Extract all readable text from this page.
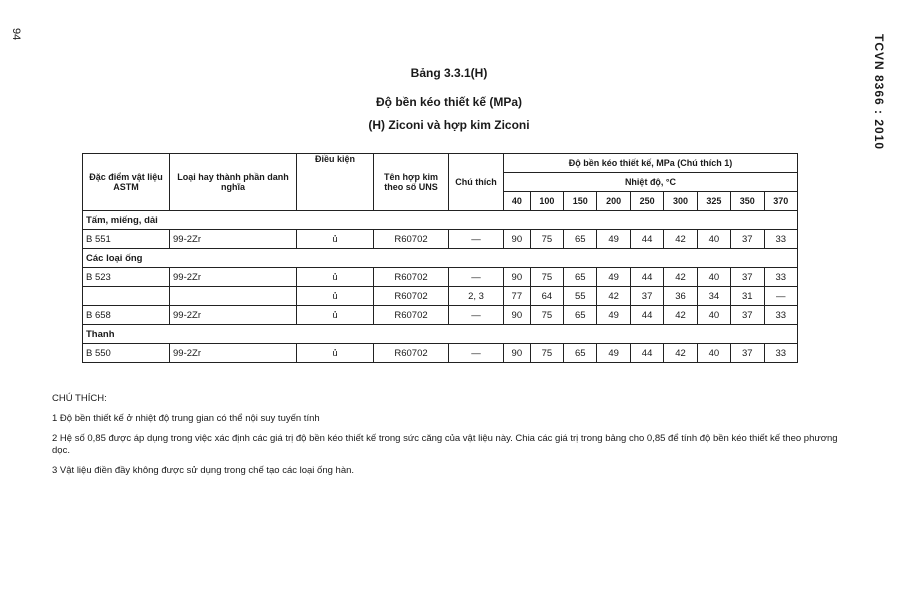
94	TCVN 8366 : 2010
Bảng 3.3.1(H)
Độ bền kéo thiết kế (MPa)
(H) Ziconi và hợp kim Ziconi
Đặc điểm vật liệu ASTM	Loại hay thành phần danh nghĩa	Điều kiện	Tên hợp kim theo số UNS	Chú thích	Độ bền kéo thiết kế, MPa (Chú thích 1)								
					Nhiệt độ, °C								
					40	100	150	200	250	300	325	350	370
Tấm, miếng, dải													
B 551	99-2Zr	ủ	R60702	—	90	75	65	49	44	42	40	37	33
Các loại ống													
B 523	99-2Zr	ủ	R60702	—	90	75	65	49	44	42	40	37	33
		ủ	R60702	2, 3	77	64	55	42	37	36	34	31	—
B 658	99-2Zr	ủ	R60702	—	90	75	65	49	44	42	40	37	33
Thanh													
B 550	99-2Zr	ủ	R60702	—	90	75	65	49	44	42	40	37	33

CHÚ THÍCH:

1 Độ bền thiết kế ở nhiệt độ trung gian có thể nội suy tuyến tính

2 Hệ số 0,85 được áp dụng trong việc xác định các giá trị độ bền kéo thiết kế trong sức căng của vật liệu này. Chia các giá trị trong bảng cho 0,85 để tính độ bền kéo thiết kế theo phương dọc.

3 Vật liệu điền đầy không được sử dụng trong chế tạo các loại ống hàn.
